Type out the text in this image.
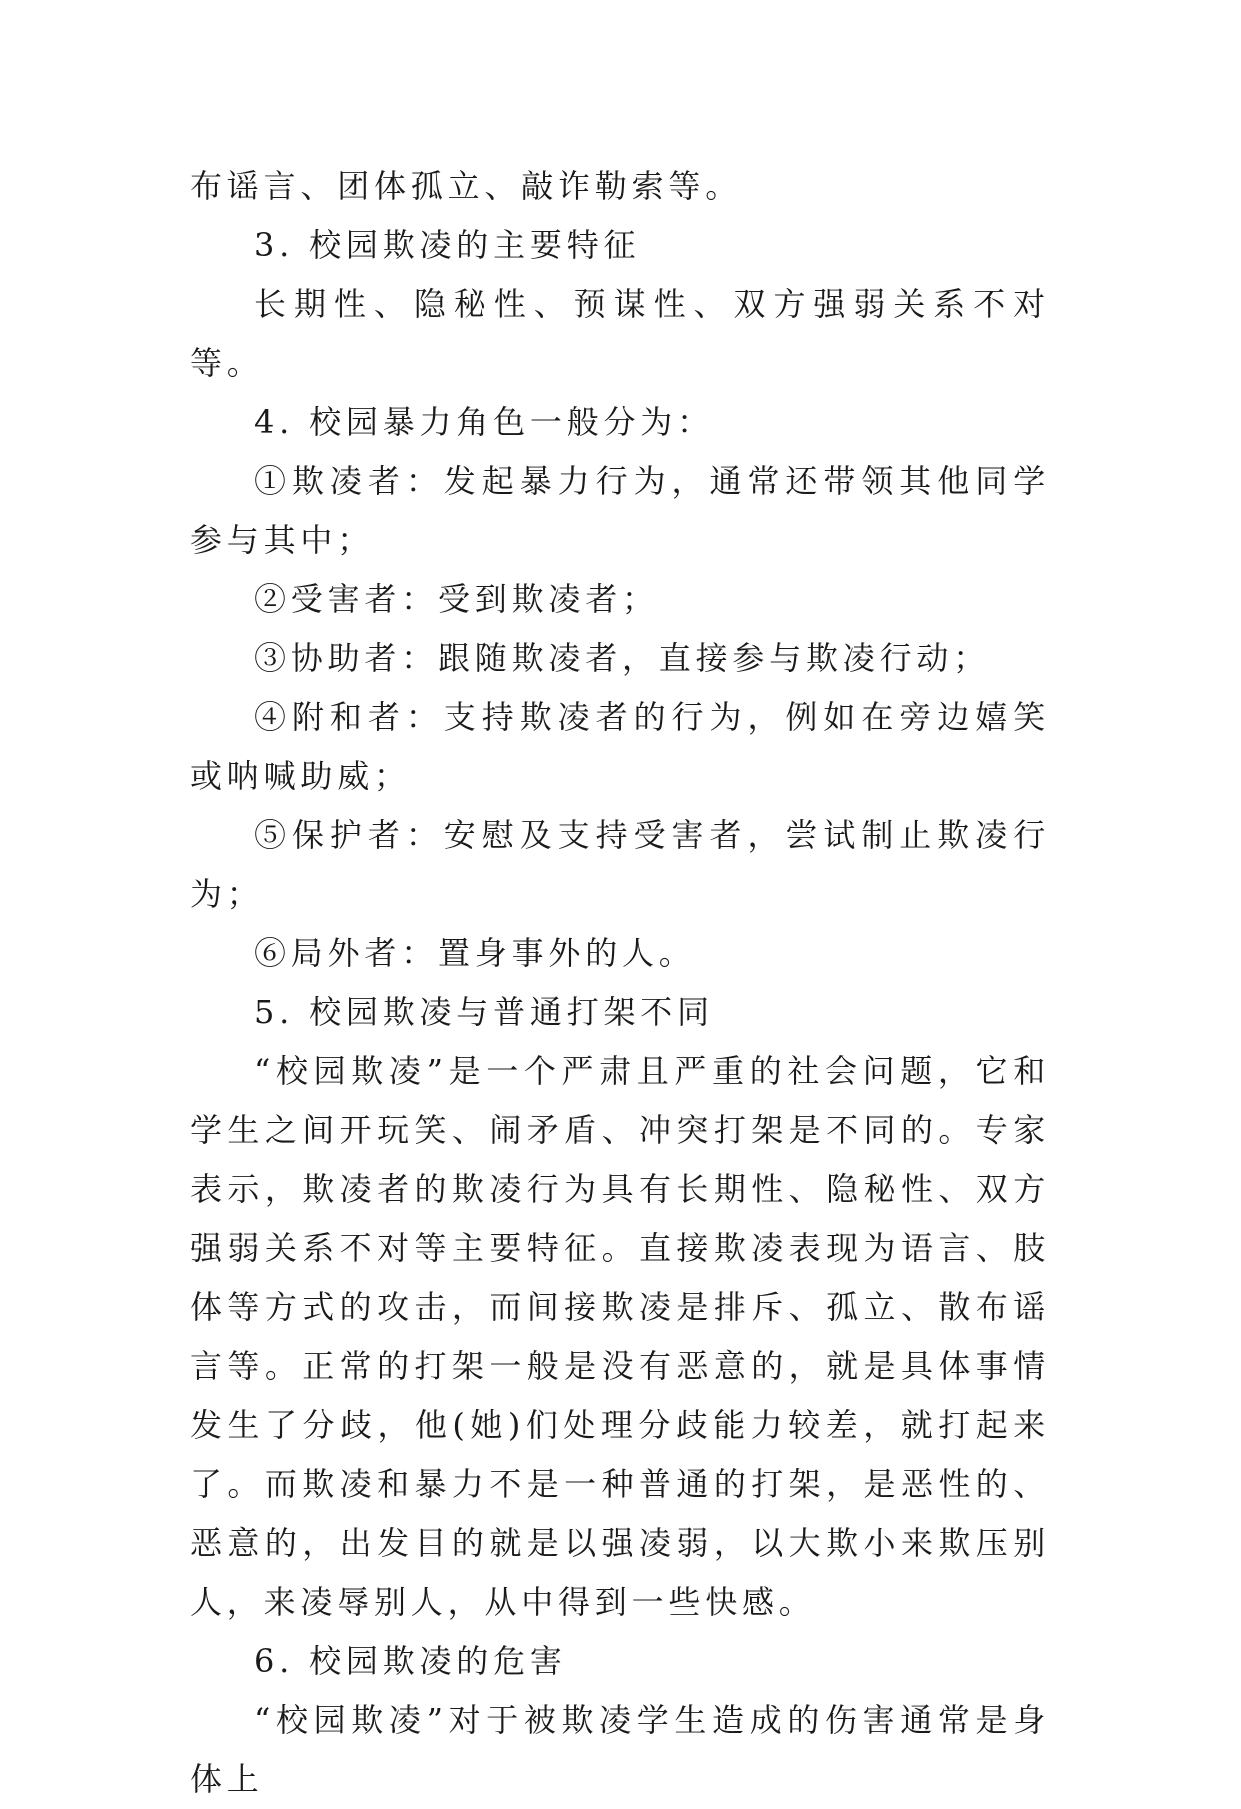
布谣言、团体孤立、敲诈勒索等。

3. 校园欺凌的主要特征

长期性、隐秘性、预谋性、双方强弱关系不对等。

4. 校园暴力角色一般分为：

①欺凌者：发起暴力行为，通常还带领其他同学参与其中；

②受害者：受到欺凌者；

③协助者：跟随欺凌者，直接参与欺凌行动；

④附和者：支持欺凌者的行为，例如在旁边嬉笑或呐喊助威；

⑤保护者：安慰及支持受害者，尝试制止欺凌行为；

⑥局外者：置身事外的人。

5. 校园欺凌与普通打架不同

“校园欺凌”是一个严肃且严重的社会问题，它和学生之间开玩笑、闹矛盾、冲突打架是不同的。专家表示，欺凌者的欺凌行为具有长期性、隐秘性、双方强弱关系不对等主要特征。直接欺凌表现为语言、肢体等方式的攻击，而间接欺凌是排斥、孤立、散布谣言等。正常的打架一般是没有恶意的，就是具体事情发生了分歧，他(她)们处理分歧能力较差，就打起来了。而欺凌和暴力不是一种普通的打架，是恶性的、恶意的，出发目的就是以强凌弱，以大欺小来欺压别人，来凌辱别人，从中得到一些快感。

6. 校园欺凌的危害

“校园欺凌”对于被欺凌学生造成的伤害通常是身体上
